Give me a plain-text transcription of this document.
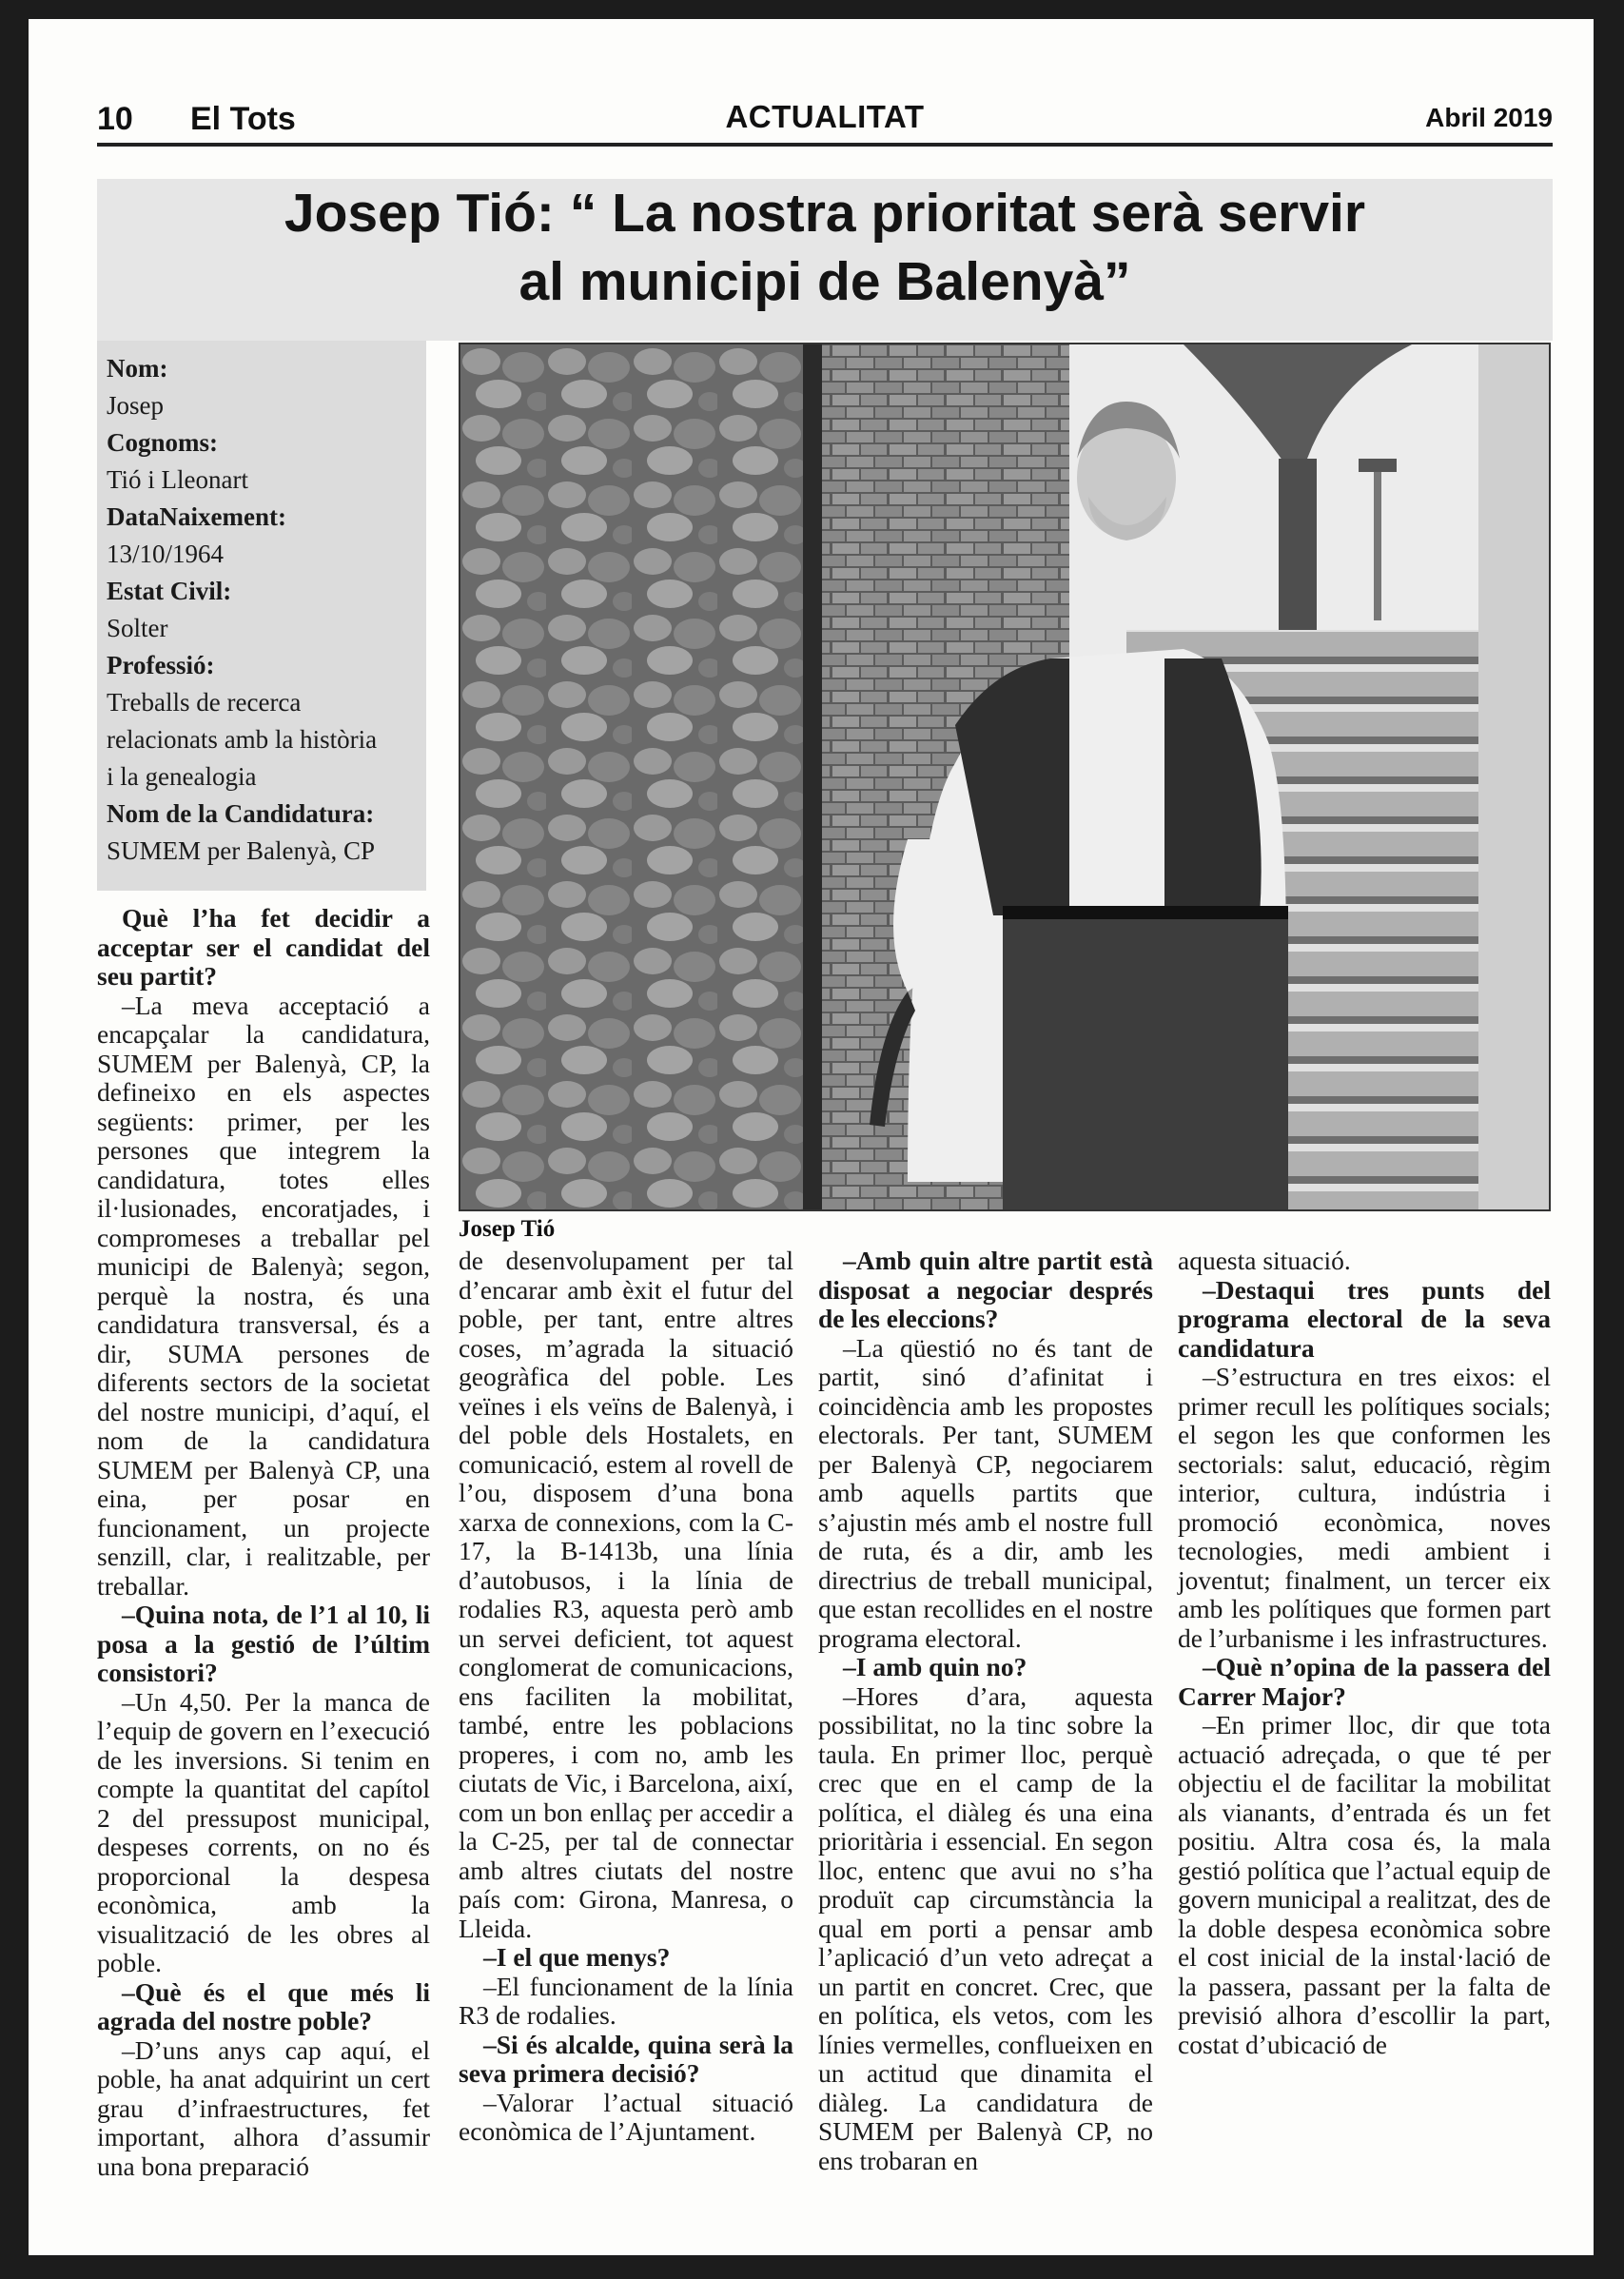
10 El Tots	ACTUALITAT	Abril 2019
Josep Tió: “ La nostra prioritat serà servir
al municipi de Balenyà”
Nom:
Josep
Cognoms:
Tió i Lleonart
DataNaixement:
13/10/1964
Estat Civil:
Solter
Professió:
Treballs de recerca
relacionats amb la història
i la genealogia
Nom de la Candidatura:
SUMEM per Balenyà, CP
Josep Tió

Què l’ha fet decidir a acceptar ser el candidat del seu partit?

–La meva acceptació a encapçalar la candidatura, SUMEM per Balenyà, CP, la defineixo en els aspectes següents: primer, per les persones que integrem la candidatura, totes elles il·lusionades, encoratjades, i compromeses a treballar pel municipi de Balenyà; segon, perquè la nostra, és una candidatura transversal, és a dir, SUMA persones de diferents sectors de la societat del nostre municipi, d’aquí, el nom de la candidatura SUMEM per Balenyà CP, una eina, per posar en funcionament, un projecte senzill, clar, i realitzable, per treballar.

–Quina nota, de l’1 al 10, li posa a la gestió de l’últim consistori?

–Un 4,50. Per la manca de l’equip de govern en l’execució de les inversions. Si tenim en compte la quantitat del capítol 2 del pressupost municipal, despeses corrents, on no és proporcional la despesa econòmica, amb la visualització de les obres al poble.

–Què és el que més li agrada del nostre poble?

–D’uns anys cap aquí, el poble, ha anat adquirint un cert grau d’infraestructures, fet important, alhora d’assumir una bona preparació

de desenvolupament per tal d’encarar amb èxit el futur del poble, per tant, entre altres coses, m’agrada la situació geogràfica del poble. Les veïnes i els veïns de Balenyà, i del poble dels Hostalets, en comunicació, estem al rovell de l’ou, disposem d’una bona xarxa de connexions, com la C-17, la B-1413b, una línia d’autobusos, i la línia de rodalies R3, aquesta però amb un servei deficient, tot aquest conglomerat de comunicacions, ens faciliten la mobilitat, també, entre les poblacions properes, i com no, amb les ciutats de Vic, i Barcelona, així, com un bon enllaç per accedir a la C-25, per tal de connectar amb altres ciutats del nostre país com: Girona, Manresa, o Lleida.

–I el que menys?

–El funcionament de la línia R3 de rodalies.

–Si és alcalde, quina serà la seva primera decisió?

–Valorar l’actual situació econòmica de l’Ajuntament.

–Amb quin altre partit està disposat a negociar després de les eleccions?

–La qüestió no és tant de partit, sinó d’afinitat i coincidència amb les propostes electorals. Per tant, SUMEM per Balenyà CP, negociarem amb aquells partits que s’ajustin més amb el nostre full de ruta, és a dir, amb les directrius de treball municipal, que estan recollides en el nostre programa electoral.

–I amb quin no?

–Hores d’ara, aquesta possibilitat, no la tinc sobre la taula. En primer lloc, perquè crec que en el camp de la política, el diàleg és una eina prioritària i essencial. En segon lloc, entenc que avui no s’ha produït cap circumstància la qual em porti a pensar amb l’aplicació d’un veto adreçat a un partit en concret. Crec, que en política, els vetos, com les línies vermelles, conflueixen en un actitud que dinamita el diàleg. La candidatura de SUMEM per Balenyà CP, no ens trobaran en

aquesta situació.

–Destaqui tres punts del programa electoral de la seva candidatura

–S’estructura en tres eixos: el primer recull les polítiques socials; el segon les que conformen les sectorials: salut, educació, règim interior, cultura, indústria i promoció econòmica, noves tecnologies, medi ambient i joventut; finalment, un tercer eix amb les polítiques que formen part de l’urbanisme i les infrastructures.

–Què n’opina de la passera del Carrer Major?

–En primer lloc, dir que tota actuació adreçada, o que té per objectiu el de facilitar la mobilitat als vianants, d’entrada és un fet positiu. Altra cosa és, la mala gestió política que l’actual equip de govern municipal a realitzat, des de la doble despesa econòmica sobre el cost inicial de la instal·lació de la passera, passant per la falta de previsió alhora d’escollir la part, costat d’ubicació de
